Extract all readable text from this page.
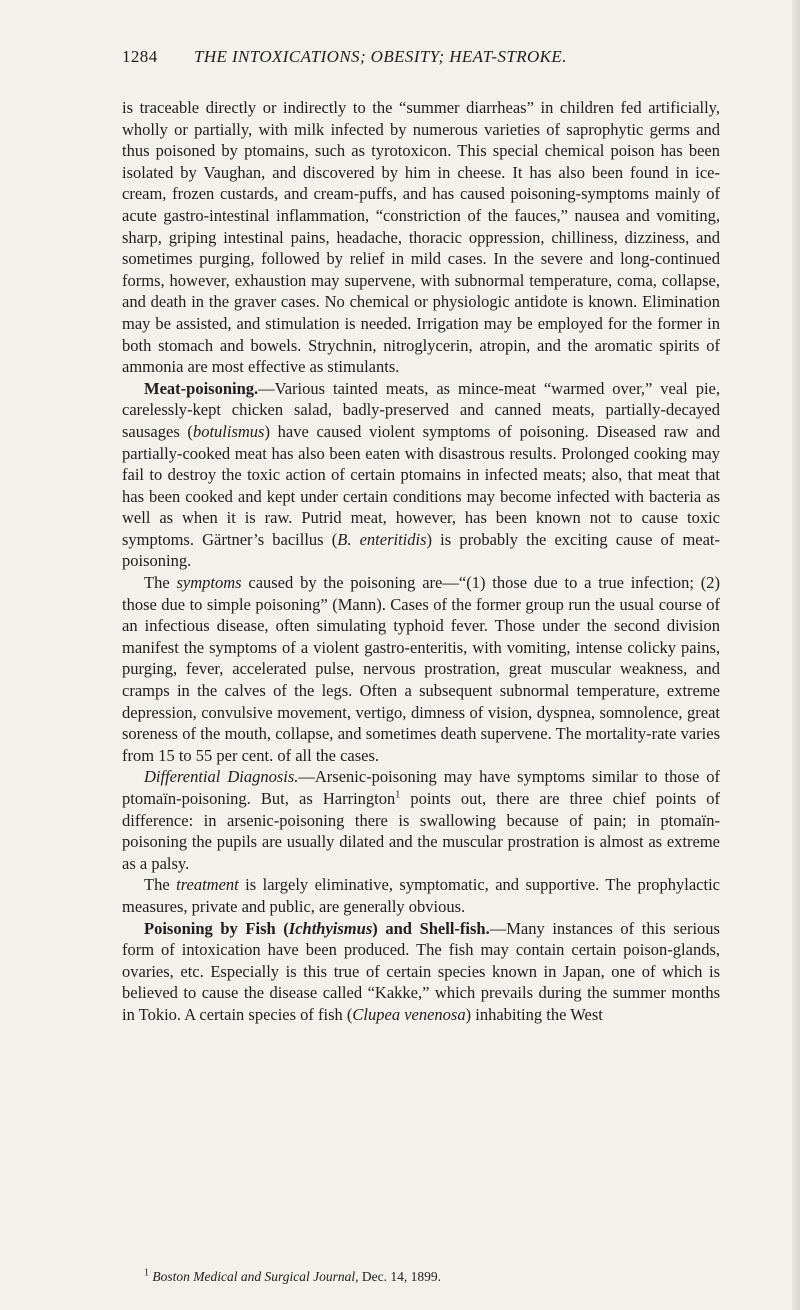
1284 THE INTOXICATIONS; OBESITY; HEAT-STROKE.

is traceable directly or indirectly to the “summer diarrheas” in children fed artificially, wholly or partially, with milk infected by numerous varieties of saprophytic germs and thus poisoned by ptomains, such as tyrotoxicon. This special chemical poison has been isolated by Vaughan, and discovered by him in cheese. It has also been found in ice-cream, frozen custards, and cream-puffs, and has caused poisoning-symptoms mainly of acute gastro-intestinal inflammation, “constriction of the fauces,” nausea and vomiting, sharp, griping intestinal pains, headache, thoracic oppression, chilliness, dizziness, and sometimes purging, followed by relief in mild cases. In the severe and long-continued forms, however, exhaustion may supervene, with subnormal temperature, coma, collapse, and death in the graver cases. No chemical or physiologic antidote is known. Elimination may be assisted, and stimulation is needed. Irrigation may be employed for the former in both stomach and bowels. Strychnin, nitroglycerin, atropin, and the aromatic spirits of ammonia are most effective as stimulants.

Meat-poisoning.—Various tainted meats, as mince-meat “warmed over,” veal pie, carelessly-kept chicken salad, badly-preserved and canned meats, partially-decayed sausages (botulismus) have caused violent symptoms of poisoning. Diseased raw and partially-cooked meat has also been eaten with disastrous results. Prolonged cooking may fail to destroy the toxic action of certain ptomains in infected meats; also, that meat that has been cooked and kept under certain conditions may become infected with bacteria as well as when it is raw. Putrid meat, however, has been known not to cause toxic symptoms. Gärtner’s bacillus (B. enteritidis) is probably the exciting cause of meat-poisoning.

The symptoms caused by the poisoning are—“(1) those due to a true infection; (2) those due to simple poisoning” (Mann). Cases of the former group run the usual course of an infectious disease, often simulating typhoid fever. Those under the second division manifest the symptoms of a violent gastro-enteritis, with vomiting, intense colicky pains, purging, fever, accelerated pulse, nervous prostration, great muscular weakness, and cramps in the calves of the legs. Often a subsequent subnormal temperature, extreme depression, convulsive movement, vertigo, dimness of vision, dyspnea, somnolence, great soreness of the mouth, collapse, and sometimes death supervene. The mortality-rate varies from 15 to 55 per cent. of all the cases.

Differential Diagnosis.—Arsenic-poisoning may have symptoms similar to those of ptomaïn-poisoning. But, as Harrington$^1$ points out, there are three chief points of difference: in arsenic-poisoning there is swallowing because of pain; in ptomaïn-poisoning the pupils are usually dilated and the muscular prostration is almost as extreme as a palsy.

The treatment is largely eliminative, symptomatic, and supportive. The prophylactic measures, private and public, are generally obvious.

Poisoning by Fish (Ichthyismus) and Shell-fish.—Many instances of this serious form of intoxication have been produced. The fish may contain certain poison-glands, ovaries, etc. Especially is this true of certain species known in Japan, one of which is believed to cause the disease called “Kakke,” which prevails during the summer months in Tokio. A certain species of fish (Clupea venenosa) inhabiting the West

$^1$ Boston Medical and Surgical Journal, Dec. 14, 1899.
